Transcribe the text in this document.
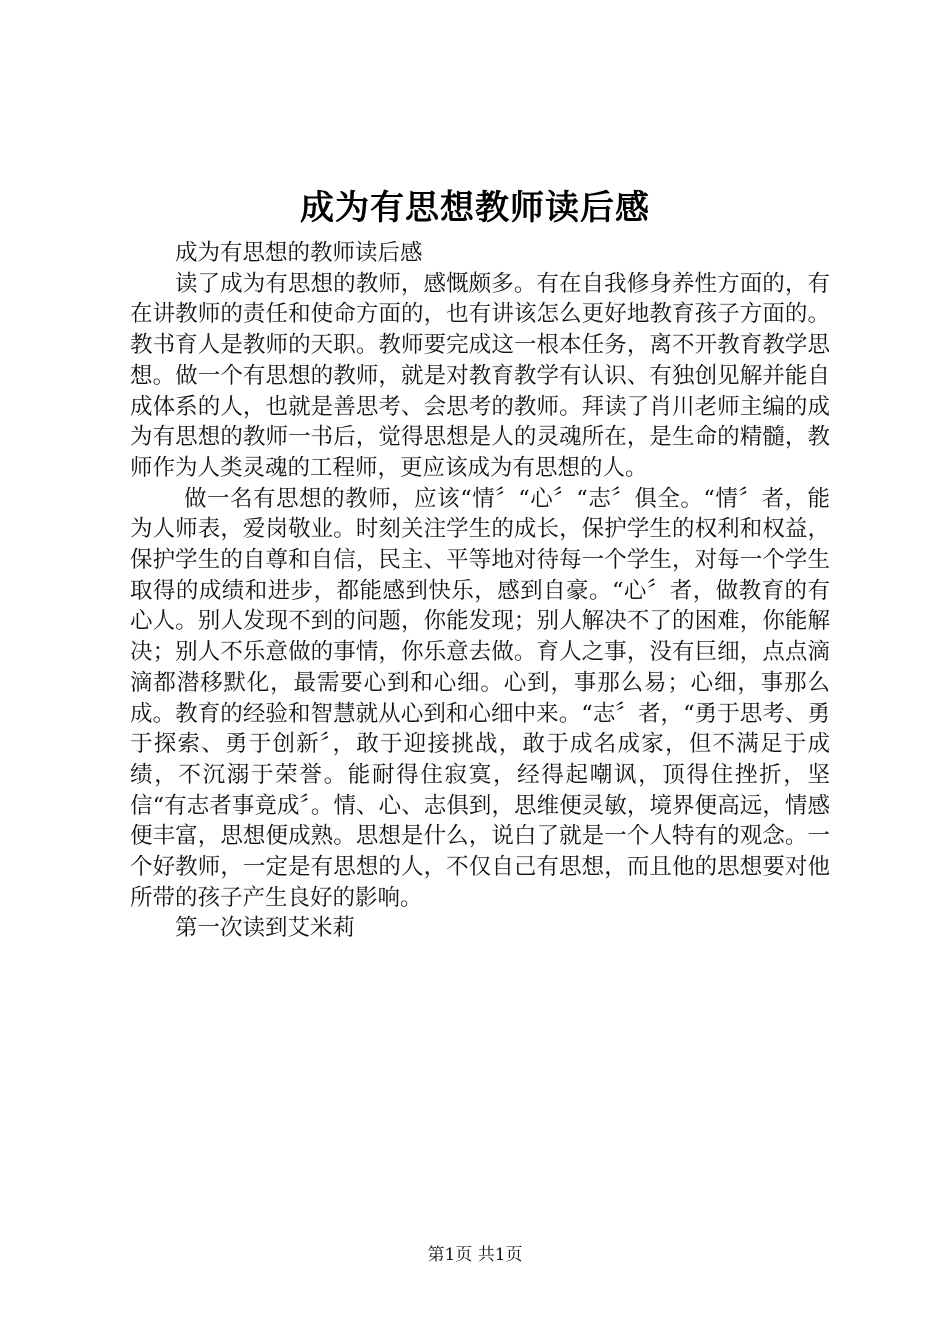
成为有思想教师读后感

成为有思想的教师读后感

读了成为有思想的教师，感慨颇多。有在自我修身养性方面的，有在讲教师的责任和使命方面的，也有讲该怎么更好地教育孩子方面的。教书育人是教师的天职。教师要完成这一根本任务，离不开教育教学思想。做一个有思想的教师，就是对教育教学有认识、有独创见解并能自成体系的人，也就是善思考、会思考的教师。拜读了肖川老师主编的成为有思想的教师一书后，觉得思想是人的灵魂所在，是生命的精髓，教师作为人类灵魂的工程师，更应该成为有思想的人。

做一名有思想的教师，应该“情〞“心〞“志〞俱全。“情〞者，能为人师表，爱岗敬业。时刻关注学生的成长，保护学生的权利和权益，保护学生的自尊和自信，民主、平等地对待每一个学生，对每一个学生取得的成绩和进步，都能感到快乐，感到自豪。“心〞者，做教育的有心人。别人发现不到的问题，你能发现；别人解决不了的困难，你能解决；别人不乐意做的事情，你乐意去做。育人之事，没有巨细，点点滴滴都潜移默化，最需要心到和心细。心到，事那么易；心细，事那么成。教育的经验和智慧就从心到和心细中来。“志〞者，“勇于思考、勇于探索、勇于创新〞，敢于迎接挑战，敢于成名成家，但不满足于成绩，不沉溺于荣誉。能耐得住寂寞，经得起嘲讽，顶得住挫折，坚信“有志者事竟成〞。情、心、志俱到，思维便灵敏，境界便高远，情感便丰富，思想便成熟。思想是什么，说白了就是一个人特有的观念。一个好教师，一定是有思想的人，不仅自己有思想，而且他的思想要对他所带的孩子产生良好的影响。

第一次读到艾米莉

第1页 共1页
